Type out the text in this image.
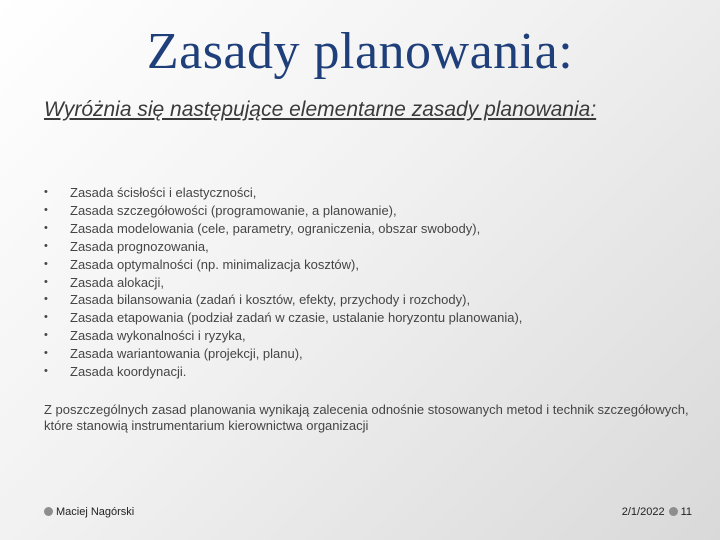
Zasady planowania:
Wyróżnia się następujące elementarne zasady planowania:
• Zasada ścisłości i elastyczności,
• Zasada szczegółowości (programowanie, a planowanie),
• Zasada modelowania (cele, parametry, ograniczenia, obszar swobody),
• Zasada prognozowania,
• Zasada optymalności (np. minimalizacja kosztów),
• Zasada alokacji,
• Zasada bilansowania (zadań i kosztów, efekty, przychody i rozchody),
• Zasada etapowania (podział zadań w czasie, ustalanie horyzontu planowania),
• Zasada wykonalności i ryzyka,
• Zasada wariantowania (projekcji, planu),
• Zasada koordynacji.
Z poszczególnych zasad planowania wynikają zalecenia odnośnie stosowanych metod i technik szczegółowych, które stanowią instrumentarium kierownictwa organizacji
Maciej Nagórski	2/1/2022 11
